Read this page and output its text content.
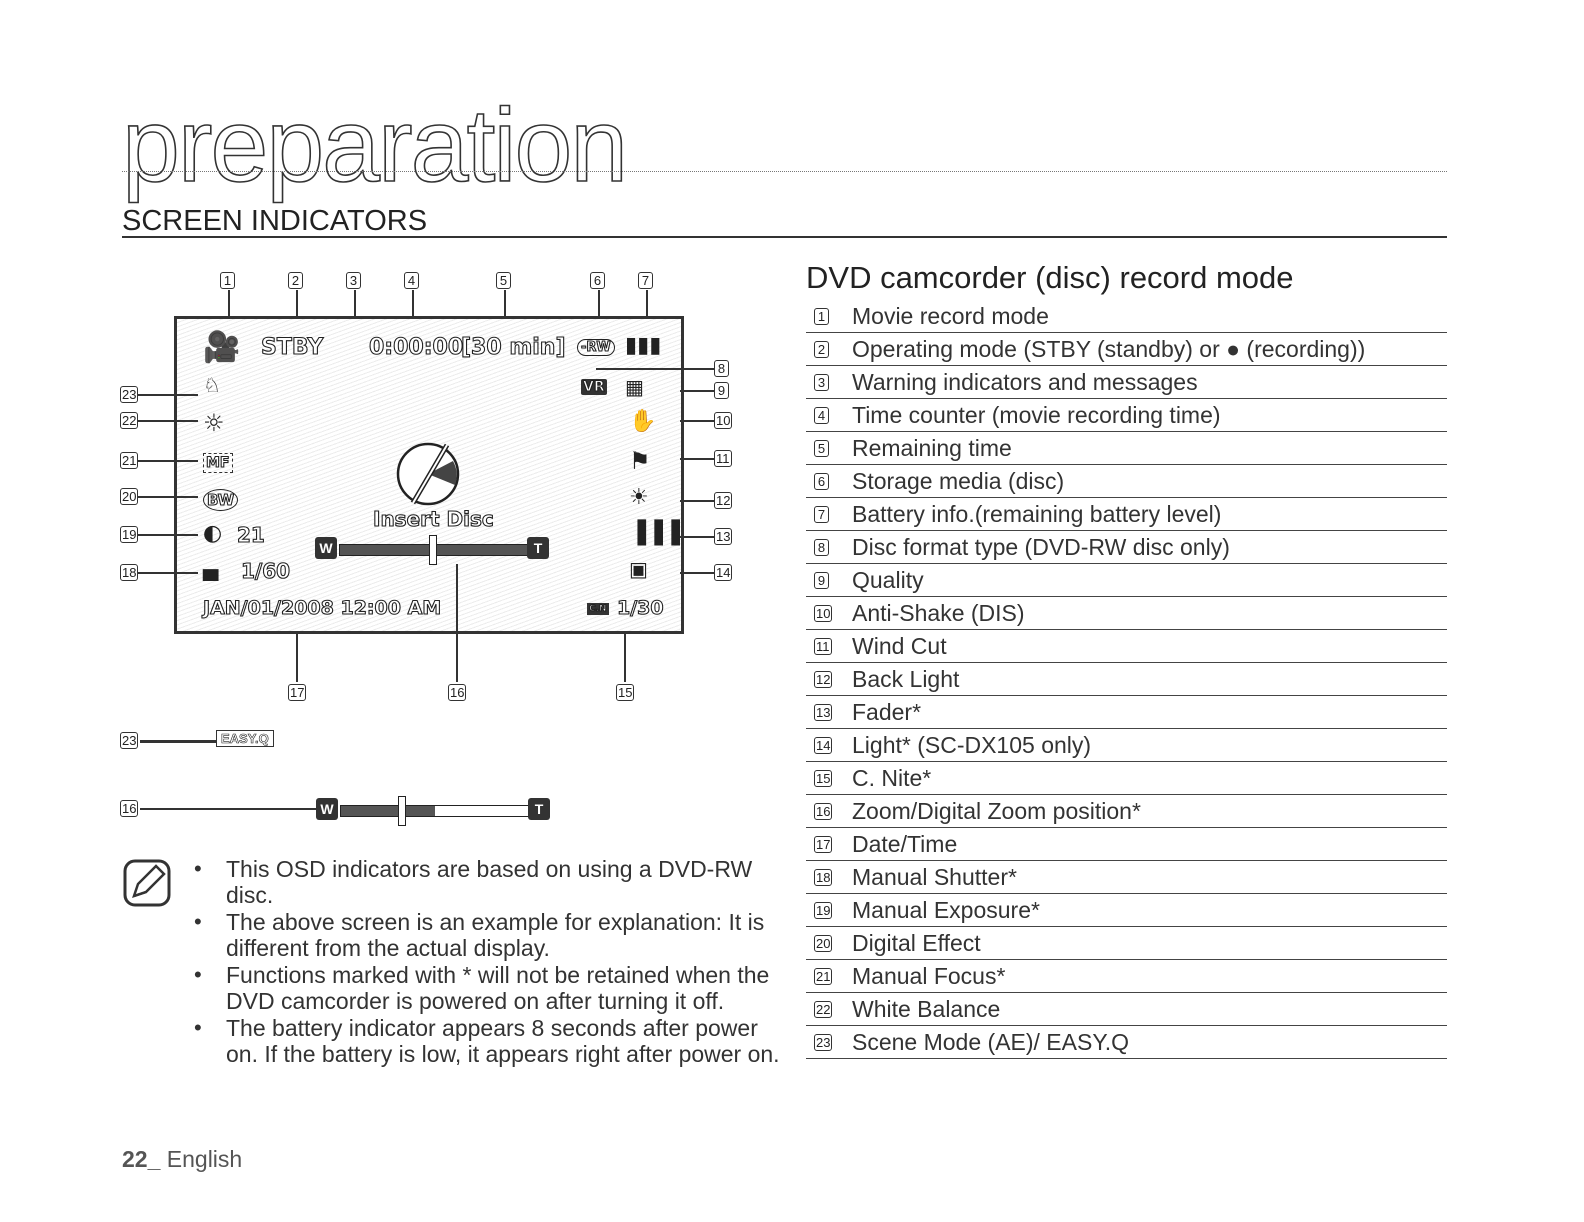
preparation
SCREEN INDICATORS
1	2	3	4	5	6	7
🎥 STBY 0:00:00
[30 min]	-RW ▮▮▮
♘	VR ▦
☼	✋
MF	⚑
BW	☀
◐ 21	▐▐▐
▄ 1/60	▣
JAN/01/2008 12:00 AM	C.N 1/30
Insert Disc
W	T
8
9
10
11
12
13
14
23
22
21
20
19
18
17	16	15
23	EASY.Q
16	W	T
• This OSD indicators are based on using a DVD-RW disc.
• The above screen is an example for explanation: It is different from the actual display.
• Functions marked with * will not be retained when the DVD camcorder is powered on after turning it off.
• The battery indicator appears 8 seconds after power on. If the battery is low, it appears right after power on.
22_ English
DVD camcorder (disc) record mode
1 Movie record mode
2 Operating mode (STBY (standby) or ● (recording))
3 Warning indicators and messages
4 Time counter (movie recording time)
5 Remaining time
6 Storage media (disc)
7 Battery info.(remaining battery level)
8 Disc format type (DVD-RW disc only)
9 Quality
10 Anti-Shake (DIS)
11 Wind Cut
12 Back Light
13 Fader*
14 Light* (SC-DX105 only)
15 C. Nite*
16 Zoom/Digital Zoom position*
17 Date/Time
18 Manual Shutter*
19 Manual Exposure*
20 Digital Effect
21 Manual Focus*
22 White Balance
23 Scene Mode (AE)/ EASY.Q
